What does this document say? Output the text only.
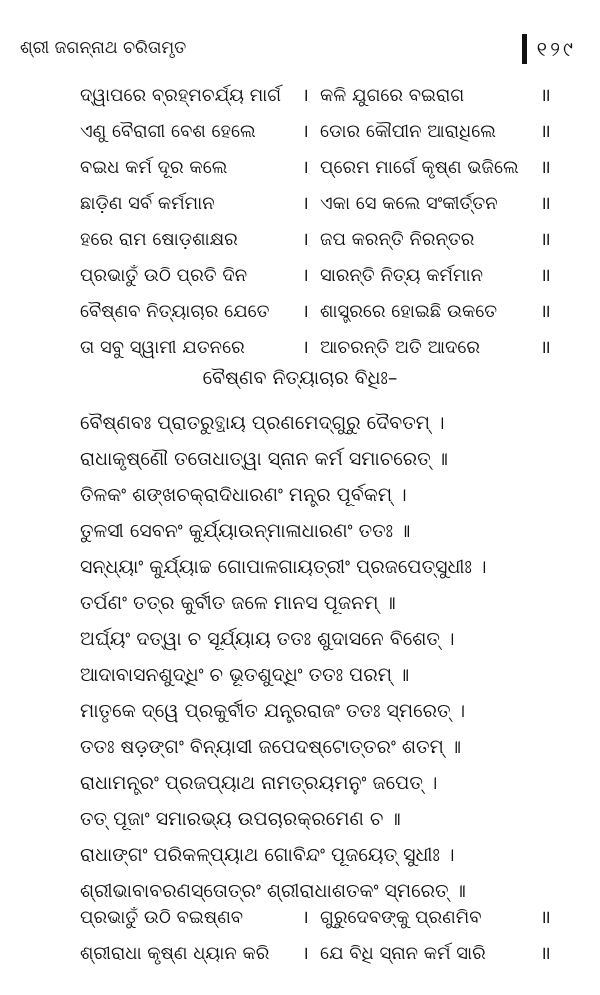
ଶ୍ରୀ ଜଗନ୍ନାଥ ଚରିତାମୃତ	୧୨୯
ଦ୍ୱାପରେ ବ୍ରହ୍ମଚର୍ଯ୍ୟ ମାର୍ଗ । କଳି ଯୁଗରେ ବଇରାଗ	॥
ଏଣୁ ବୈରାଗୀ ବେଶ ହେଲେ	। ଡୋର କୌପୀନ ଆରାଧିଲେ ॥
ବଇଧ କର୍ମ ଦୂର କଲେ	। ପ୍ରେମ ମାର୍ଗେ କୃଷ୍ଣ ଭଜିଲେ ॥
ଛାଡ଼ିଣ ସର୍ବ କର୍ମମାନ	। ଏକା ସେ କଲେ ସଂକୀର୍ତ୍ତନ ॥
ହରେ ରାମ ଷୋଡ଼ଶାକ୍ଷର	। ଜପ କରନ୍ତି ନିରନ୍ତର	॥
ପ୍ରଭାତୁଁ ଉଠି ପ୍ରତି ଦିନ	। ସାରନ୍ତି ନିତ୍ୟ କର୍ମମାନ	॥
ବୈଷ୍ଣବ ନିତ୍ୟାଚାର ଯେତେ । ଶାସ୍ତ୍ରରେ ହୋଇଛି ଉକତେ ॥
ତା ସବୁ ସ୍ୱାମୀ ଯତନରେ	। ଆଚରନ୍ତି ଅତି ଆଦରେ	॥
ବୈଷ୍ଣବ ନିତ୍ୟାଚାର ବିଧିଃ–
ବୈଷ୍ଣବଃ ପ୍ରାତରୁତ୍ଥାୟ ପ୍ରଣମେଦ୍‌ଗୁରୁ ଦୈବତମ୍ ।
ରାଧାକୃଷ୍ଣୌ ତତୋଧାତ୍ୱା ସ୍ନାନ କର୍ମ ସମାଚରେତ୍ ॥
ତିଳକଂ ଶଙ୍ଖଚକ୍ରାଦିଧାରଣଂ ମନ୍ତ୍ର ପୂର୍ବକମ୍ ।
ତୁଳସୀ ସେବନଂ କୁର୍ଯ୍ୟାଉନ୍ମାଳାଧାରଣଂ ତତଃ ॥
ସନ୍ଧ୍ୟାଂ କୁର୍ଯ୍ୟାଚ୍ଚ ଗୋପାଳଗାୟତ୍ରୀଂ ପ୍ରଜପେତ୍ସୁଧୀଃ ।
ତର୍ପଣଂ ତତ୍ର କୁର୍ବୀତ ଜଳେ ମାନସ ପୂଜନମ୍ ॥
ଅର୍ଘ୍ୟଂ ଦତ୍ୱା ଚ ସୂର୍ଯ୍ୟାୟ ତତଃ ଶୁଦାସନେ ବିଶେତ୍ ।
ଆଦାବାସନଶୁଦ୍ଧିଂ ଚ ଭୂତଶୁଦ୍ଧିଂ ତତଃ ପରମ୍ ॥
ମାତୃକେ ଦ୍ୱେ ପ୍ରକୁର୍ବୀତ ଯନ୍ତ୍ରରାଜଂ ତତଃ ସ୍ମରେତ୍ ।
ତତଃ ଷଡ଼ଙ୍ଗଂ ବିନ୍ୟାସୀ ଜପେଦଷ୍ଟୋତ୍ତରଂ ଶତମ୍ ॥
ରାଧାମନ୍ତ୍ରଂ ପ୍ରଜପ୍ୟାଥ ନାମତ୍ରୟମନୁଂ ଜପେତ୍ ।
ତତ୍ ପୂଜାଂ ସମାରଭ୍ୟ ଉପଚାରକ୍ରମେଣ ଚ ॥
ରାଧାଙ୍ଗଂ ପରିକଳ୍ପ୍ୟାଥ ଗୋବିନ୍ଦଂ ପୂଜୟେତ୍ ସୁଧୀଃ ।
ଶ୍ରୀଭାବାବରଣସ୍ତୋତ୍ରଂ ଶ୍ରୀରାଧାଶତକଂ ସ୍ମରେତ୍ ॥
ପ୍ରଭାତୁଁ ଉଠି ବଇଷ୍ଣବ	। ଗୁରୁଦେବଙ୍କୁ ପ୍ରଣମିବ	॥
ଶ୍ରୀରାଧା କୃଷ୍ଣ ଧ୍ୟାନ କରି । ଯେ ବିଧି ସ୍ନାନ କର୍ମ ସାରି	॥
